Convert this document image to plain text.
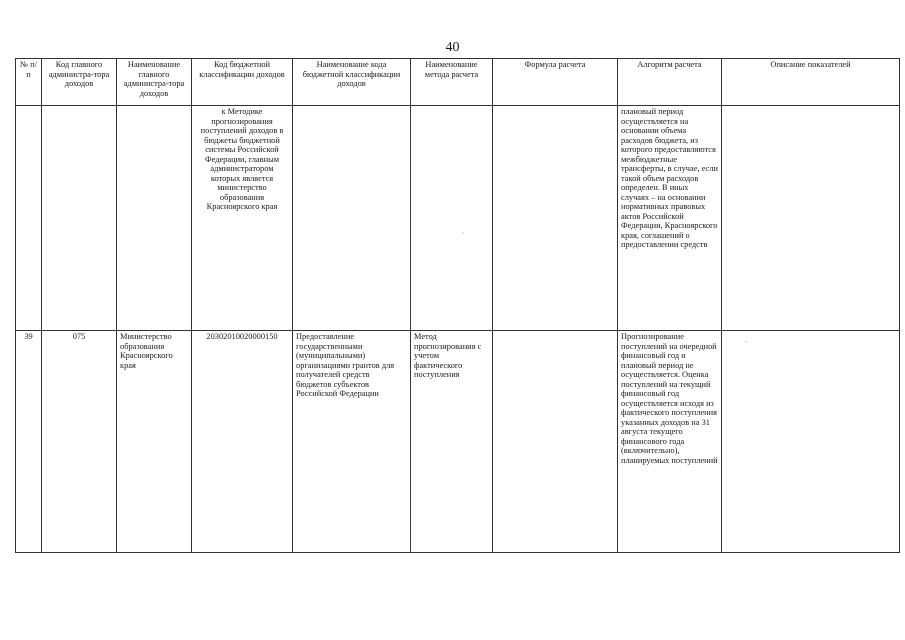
40
№ п/п	Код главного администра-тора доходов	Наименование главного администра-тора доходов	Код бюджетной классификации доходов	Наименование кода бюджетной классификации доходов	Наименование метода расчета	Формула расчета	Алгоритм расчета	Описание показателей
			к Методике прогнозирования поступлений доходов в бюджеты бюджетной системы Российской Федерации, главным администратором которых является министерство образования Красноярского края				плановый период осуществляется на основании объема расходов бюджета, из которого предоставляются межбюджетные трансферты, в случае, если такой объем расходов определен. В иных случаях – на основании нормативных правовых актов Российской Федерации, Красноярского края, соглашений о предоставлении средств	
39	075	Министерство образования Красноярского края	20302010020000150	Предоставление государственными (муниципальными) организациями грантов для получателей средств бюджетов субъектов Российской Федерации	Метод прогнозирования с учетом фактического поступления		Прогнозирование поступлений на очередной финансовый год и плановый период не осуществляется. Оценка поступлений на текущий финансовый год осуществляется исходя из фактического поступления указанных доходов на 31 августа текущего финансового года (включительно), планируемых поступлений	
ˎ
·
